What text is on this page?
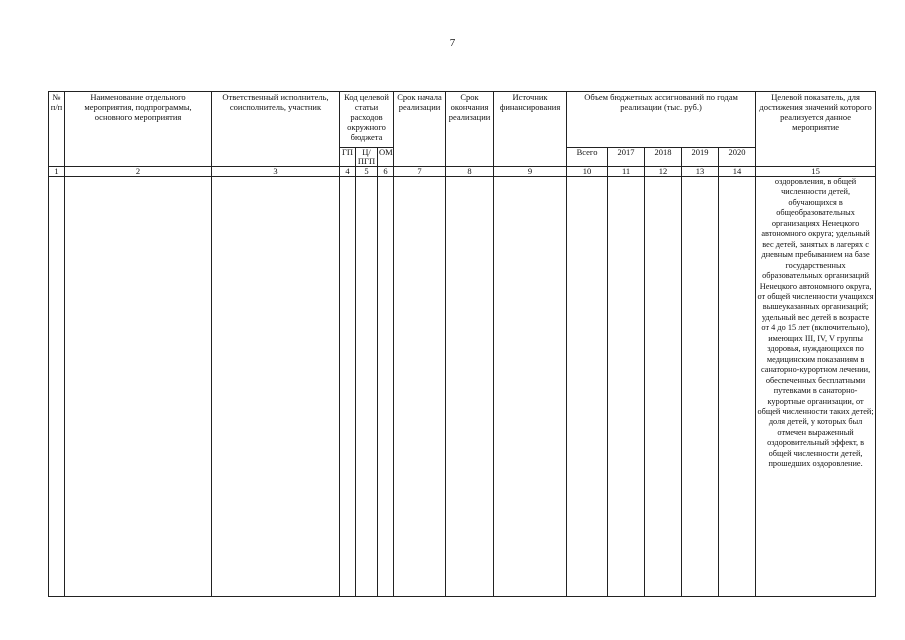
7
№ п/п	Наименование отдельного мероприятия, подпрограммы, основного мероприятия	Ответственный исполнитель, соисполнитель, участник	Код целевой статьи расходов окружного бюджета			Срок начала реализации	Срок окончания реализации	Источник финансирования	Объем бюджетных ассигнований по годам реализации (тыс. руб.)					Целевой показатель, для достижения значений которого реализуется данное мероприятие
			ГП	Ц/ПГП	ОМ				Всего	2017	2018	2019	2020	
1	2	3	4	5	6	7	8	9	10	11	12	13	14	15
														оздоровления, в общей численности детей, обучающихся в общеобразовательных организациях Ненецкого автономного округа; удельный вес детей, занятых в лагерях с дневным пребыванием на базе государственных образовательных организаций Ненецкого автономного округа, от общей численности учащихся вышеуказанных организаций; удельный вес детей в возрасте от 4 до 15 лет (включительно), имеющих III, IV, V группы здоровья, нуждающихся по медицинским показаниям в санаторно-курортном лечении, обеспеченных бесплатными путевками в санаторно-курортные организации, от общей численности таких детей; доля детей, у которых был отмечен выраженный оздоровительный эффект, в общей численности детей, прошедших оздоровление.
